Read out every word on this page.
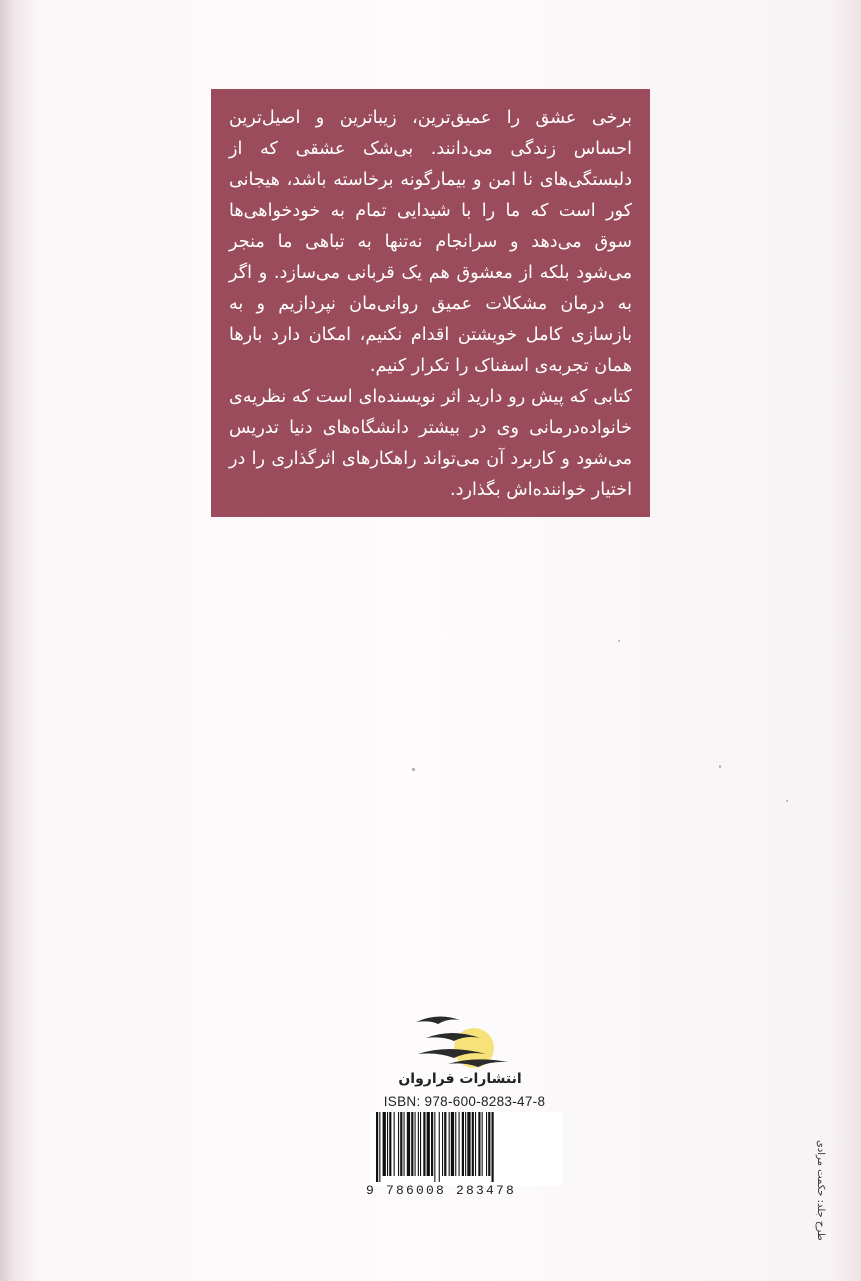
برخی عشق را عمیق‌ترین، زیباترین و اصیل‌ترین احساس زندگی می‌دانند. بی‌شک عشقی که از دلبستگی‌های نا امن و بیمارگونه برخاسته باشد، هیجانی کور است که ما را با شیدایی تمام به خودخواهی‌ها سوق می‌دهد و سرانجام نه‌تنها به تباهی ما منجر می‌شود بلکه از معشوق هم یک قربانی می‌سازد. و اگر به درمان مشکلات عمیق روانی‌مان نپردازیم و به بازسازی کامل خویشتن اقدام نکنیم، امکان دارد بارها همان تجربه‌ی اسفناک را تکرار کنیم.

کتابی که پیش رو دارید اثر نویسنده‌ای است که نظریه‌ی خانواده‌درمانی وی در بیشتر دانشگاه‌های دنیا تدریس می‌شود و کاربرد آن می‌تواند راهکارهای اثرگذاری را در اختیار خواننده‌اش بگذارد.

انتشارات فراروان
ISBN: 978-600-8283-47-8
9 786008 283478	طرح جلد: حکمت مرادی
